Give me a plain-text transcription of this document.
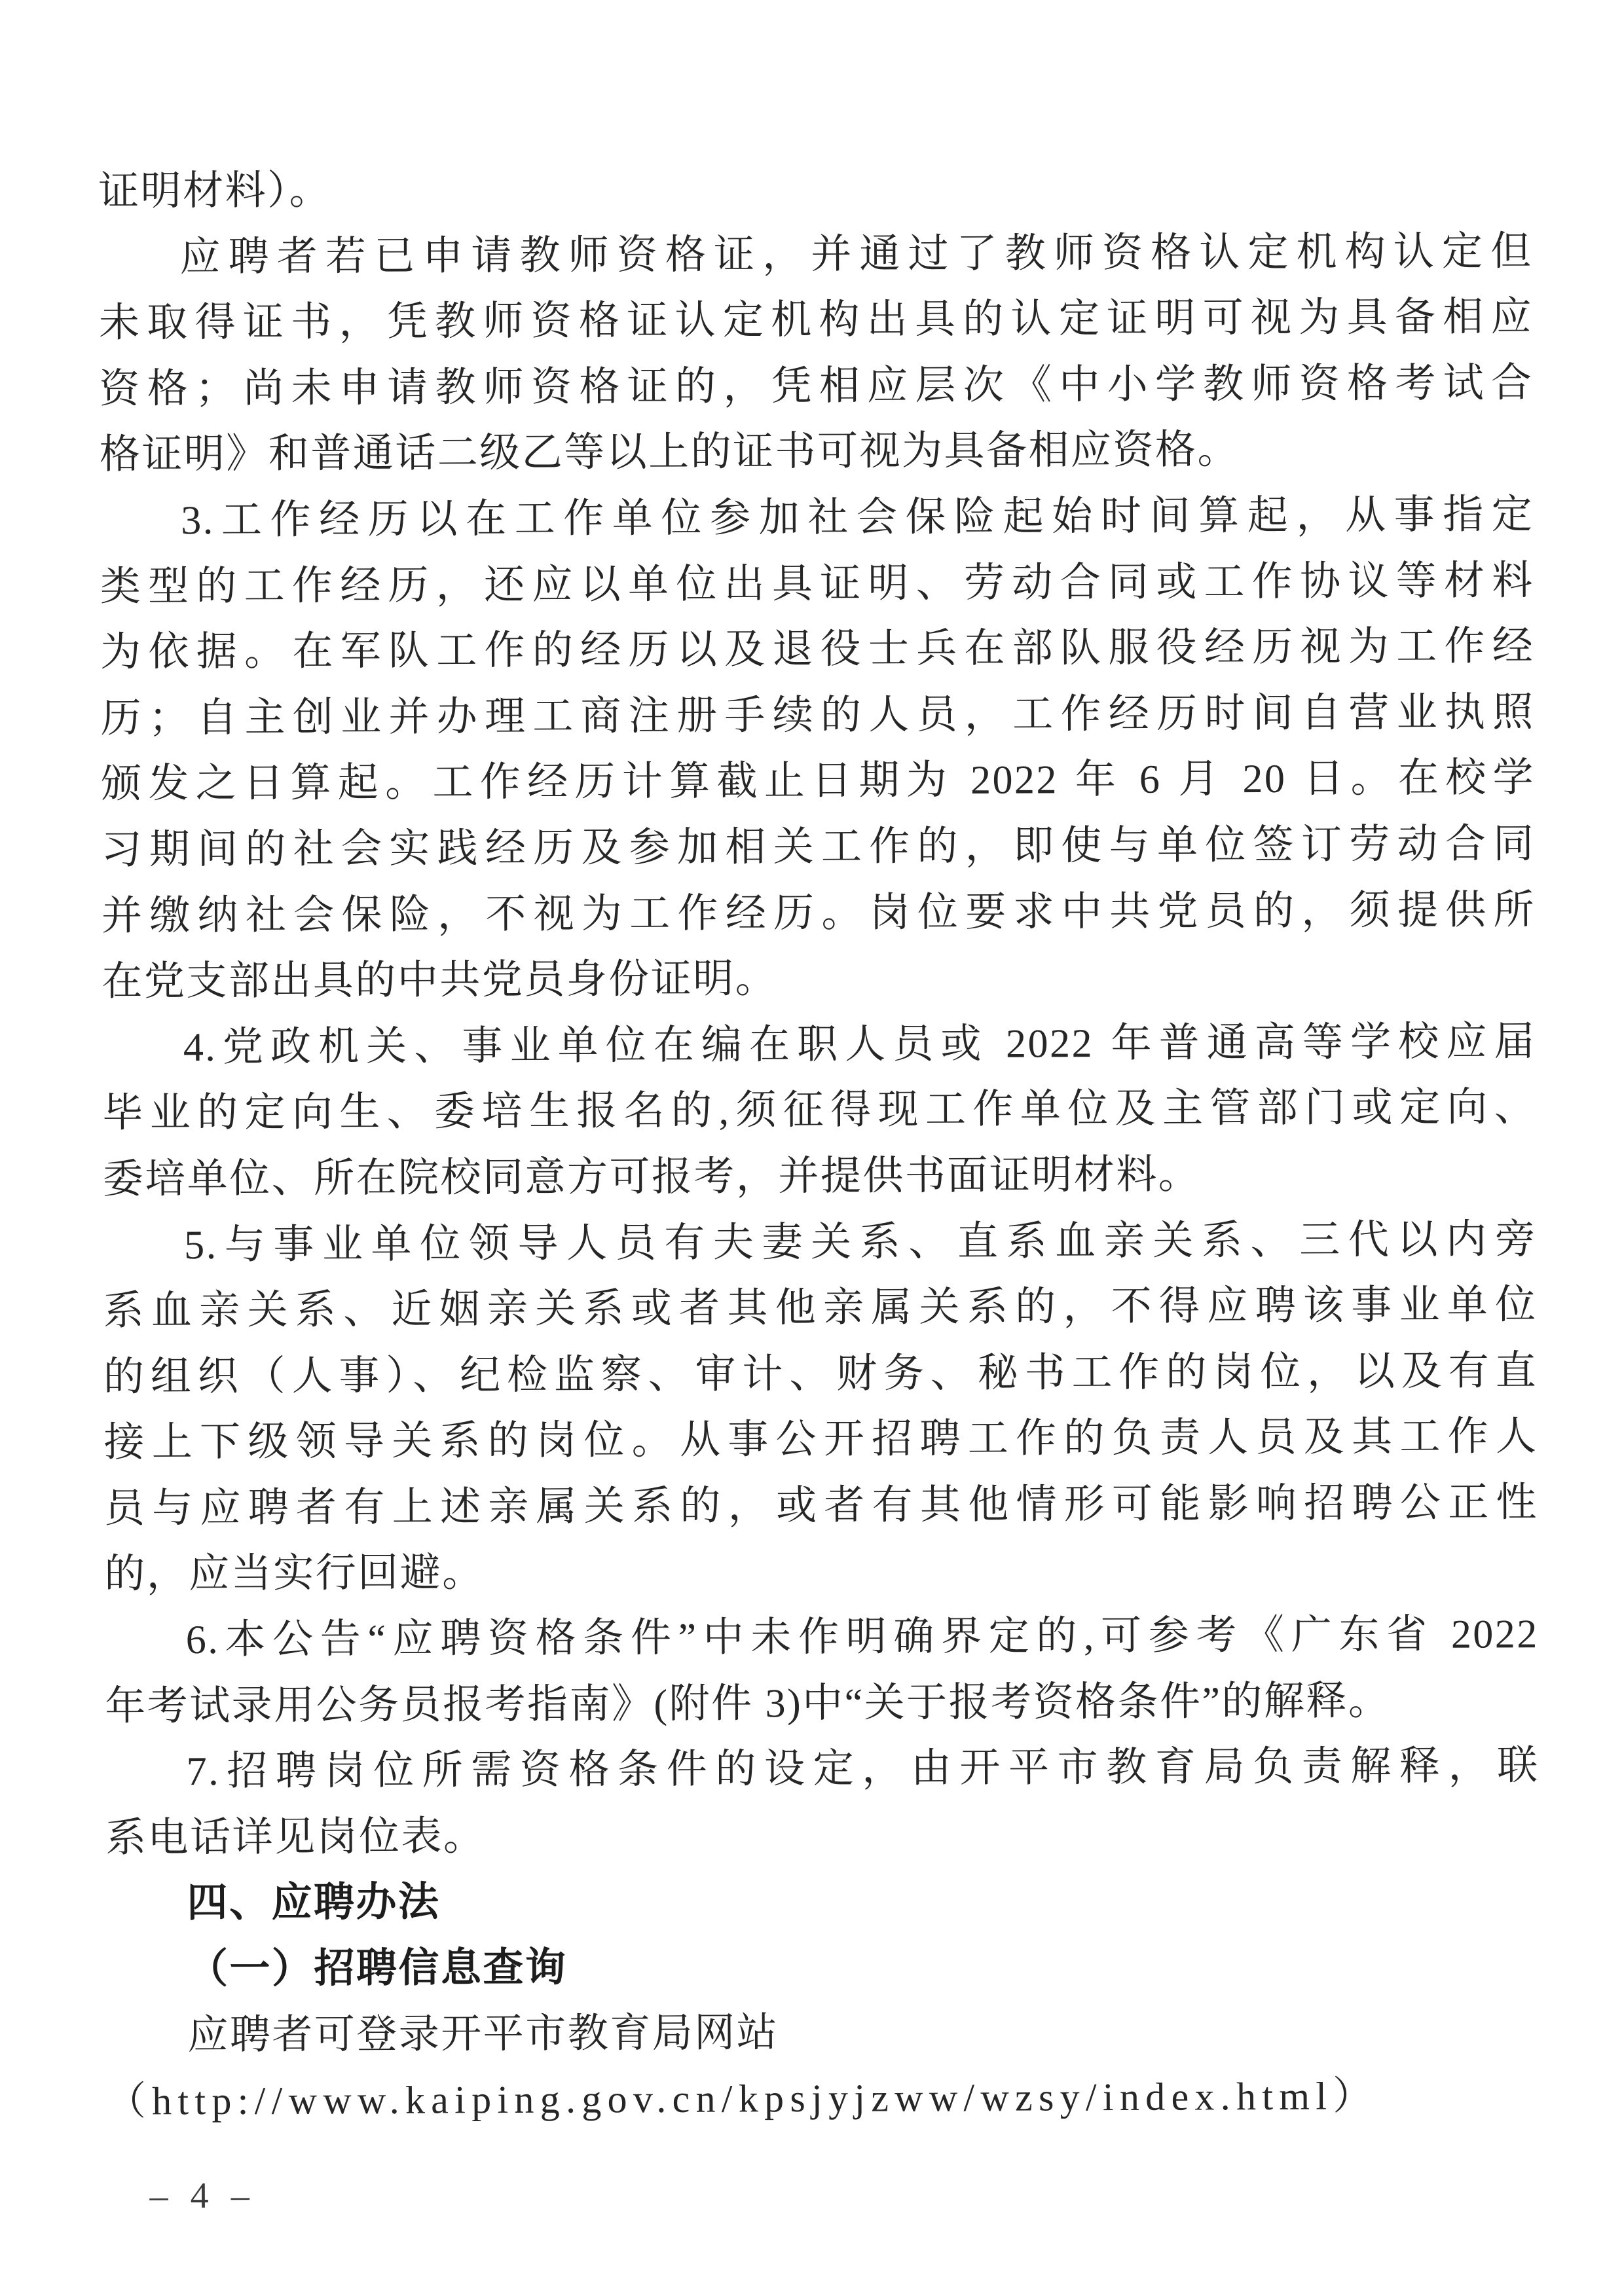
证明材料）。
应聘者若已申请教师资格证，并通过了教师资格认定机构认定但
未取得证书，凭教师资格证认定机构出具的认定证明可视为具备相应
资格；尚未申请教师资格证的，凭相应层次《中小学教师资格考试合
格证明》和普通话二级乙等以上的证书可视为具备相应资格。
3.工作经历以在工作单位参加社会保险起始时间算起，从事指定
类型的工作经历，还应以单位出具证明、劳动合同或工作协议等材料
为依据。在军队工作的经历以及退役士兵在部队服役经历视为工作经
历；自主创业并办理工商注册手续的人员，工作经历时间自营业执照
颁发之日算起。工作经历计算截止日期为 2022 年 6 月 20 日。在校学
习期间的社会实践经历及参加相关工作的，即使与单位签订劳动合同
并缴纳社会保险，不视为工作经历。岗位要求中共党员的，须提供所
在党支部出具的中共党员身份证明。
4.党政机关、事业单位在编在职人员或 2022 年普通高等学校应届
毕业的定向生、委培生报名的,须征得现工作单位及主管部门或定向、
委培单位、所在院校同意方可报考，并提供书面证明材料。
5.与事业单位领导人员有夫妻关系、直系血亲关系、三代以内旁
系血亲关系、近姻亲关系或者其他亲属关系的，不得应聘该事业单位
的组织（人事）、纪检监察、审计、财务、秘书工作的岗位，以及有直
接上下级领导关系的岗位。从事公开招聘工作的负责人员及其工作人
员与应聘者有上述亲属关系的，或者有其他情形可能影响招聘公正性
的，应当实行回避。
6.本公告“应聘资格条件”中未作明确界定的,可参考《广东省 2022
年考试录用公务员报考指南》(附件 3)中“关于报考资格条件”的解释。
7.招聘岗位所需资格条件的设定，由开平市教育局负责解释，联
系电话详见岗位表。
四、应聘办法
（一）招聘信息查询
应聘者可登录开平市教育局网站
（http://www.kaiping.gov.cn/kpsjyjzww/wzsy/index.html）
– 4 –
